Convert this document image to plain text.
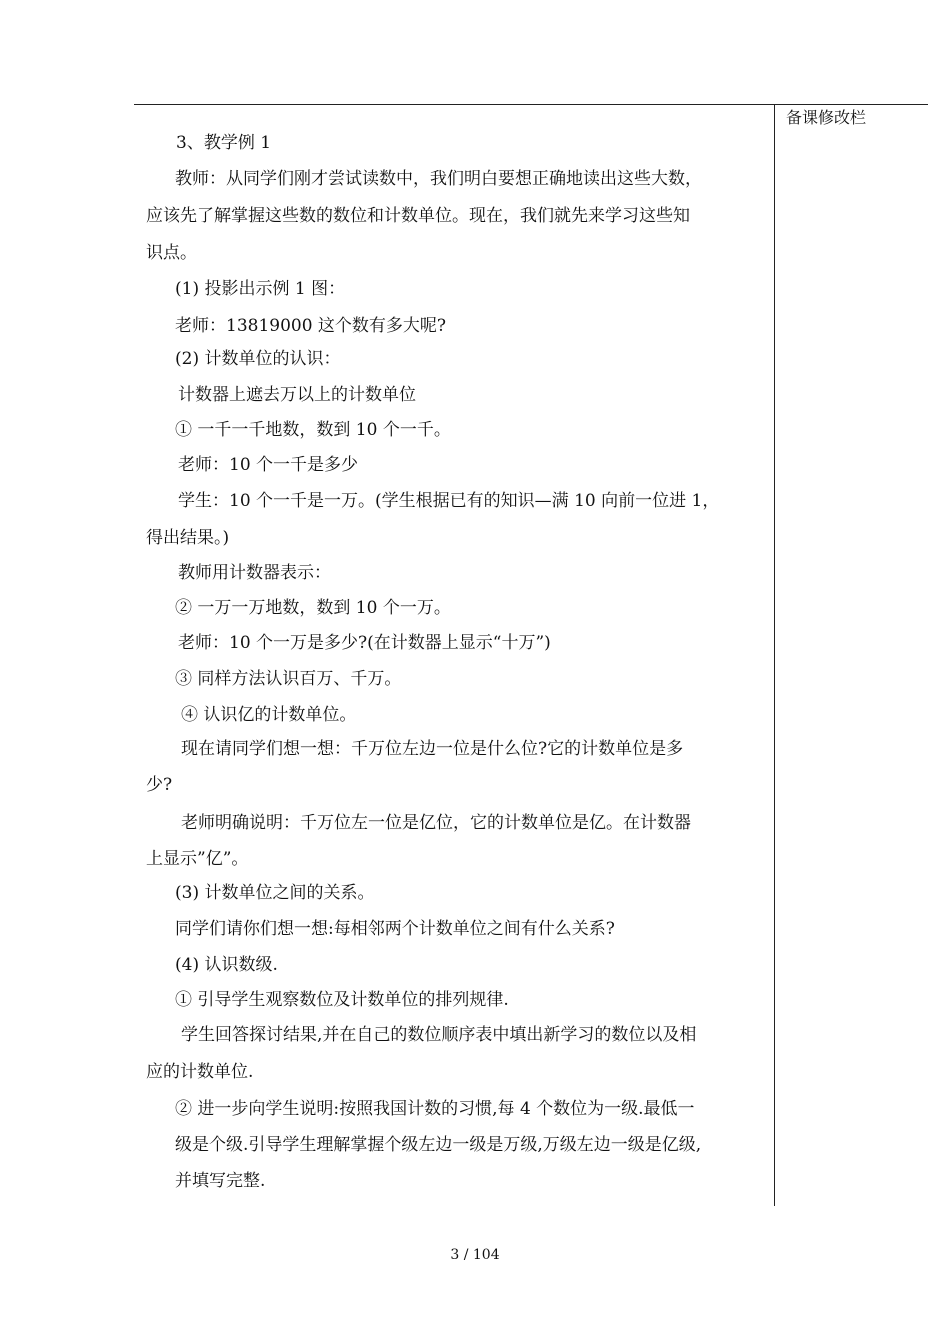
备课修改栏
3、教学例 1
教师：从同学们刚才尝试读数中，我们明白要想正确地读出这些大数，
应该先了解掌握这些数的数位和计数单位。现在，我们就先来学习这些知
识点。
(1) 投影出示例 1 图：
老师：13819000 这个数有多大呢?
(2) 计数单位的认识：
计数器上遮去万以上的计数单位
① 一千一千地数，数到 10 个一千。
老师：10 个一千是多少
学生：10 个一千是一万。(学生根据已有的知识—满 10 向前一位进 1，
得出结果。)
教师用计数器表示：
② 一万一万地数，数到 10 个一万。
老师：10 个一万是多少?(在计数器上显示“十万”)
③ 同样方法认识百万、千万。
④ 认识亿的计数单位。
现在请同学们想一想：千万位左边一位是什么位?它的计数单位是多
少?
老师明确说明：千万位左一位是亿位，它的计数单位是亿。在计数器
上显示”亿”。
(3) 计数单位之间的关系。
同学们请你们想一想:每相邻两个计数单位之间有什么关系?
(4) 认识数级.
① 引导学生观察数位及计数单位的排列规律.
学生回答探讨结果,并在自己的数位顺序表中填出新学习的数位以及相
应的计数单位.
② 进一步向学生说明:按照我国计数的习惯,每 4 个数位为一级.最低一
级是个级.引导学生理解掌握个级左边一级是万级,万级左边一级是亿级,
并填写完整.
3 / 104
